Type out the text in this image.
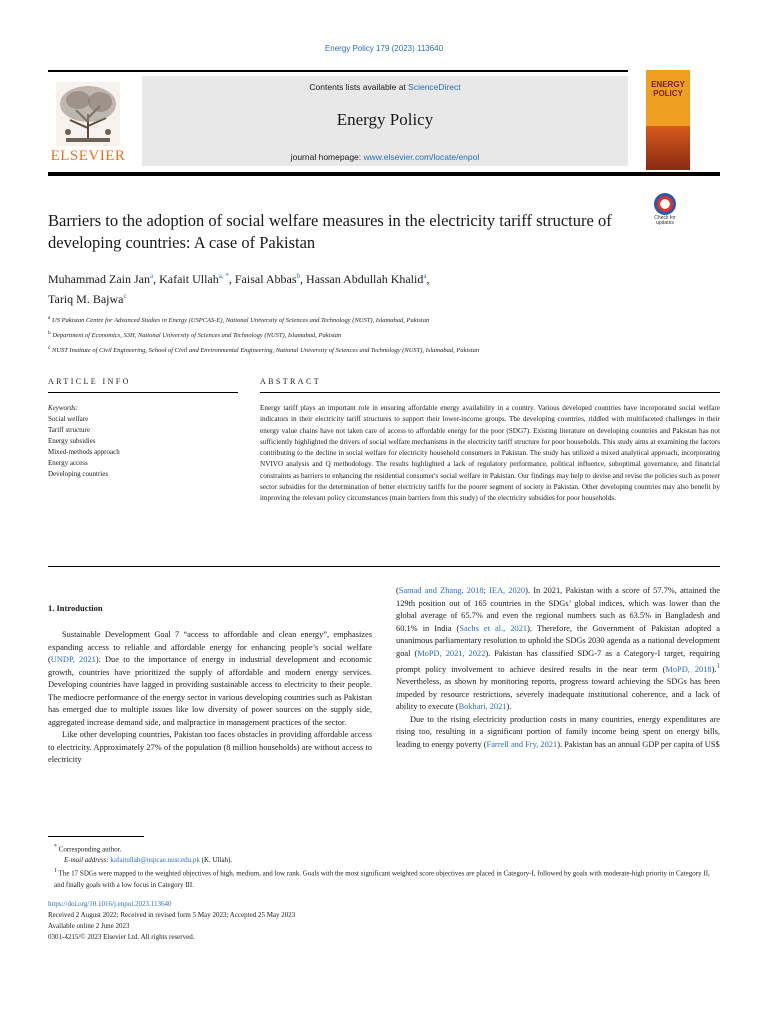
Energy Policy 179 (2023) 113640
ELSEVIER
Contents lists available at ScienceDirect
Energy Policy
journal homepage: www.elsevier.com/locate/enpol
ENERGY POLICY
Barriers to the adoption of social welfare measures in the electricity tariff structure of developing countries: A case of Pakistan
Check for updates
Muhammad Zain Jan$^a$, Kafait Ullah$^{a, *}$, Faisal Abbas$^b$, Hassan Abdullah Khalid$^a$,
Tariq M. Bajwa$^c$
$^a$ US Pakistan Centre for Advanced Studies in Energy (USPCAS-E), National University of Sciences and Technology (NUST), Islamabad, Pakistan
$^b$ Department of Economics, S3H, National University of Sciences and Technology (NUST), Islamabad, Pakistan
$^c$ NUST Institute of Civil Engineering, School of Civil and Environmental Engineering, National University of Sciences and Technology (NUST), Islamabad, Pakistan
ARTICLE INFO	ABSTRACT
Keywords:
Social welfare
Tariff structure
Energy subsidies
Mixed-methods approach
Energy access
Developing countries
Energy tariff plays an important role in ensuring affordable energy availability in a country. Various developed countries have incorporated social welfare indicators in their electricity tariff structures to support their lower-income groups. The developing countries, riddled with multifaceted challenges in their energy value chains have not taken care of access to affordable energy for the poor (SDG7). Existing literature on developing countries and Pakistan has not sufficiently highlighted the drivers of social welfare mechanisms in the electricity tariff structure for poor households. This study aims at examining the factors contributing to the decline in social welfare for electricity household consumers in Pakistan. The study has utilized a mixed analytical approach, incorporating NVIVO analysis and Q methodology. The results highlighted a lack of regulatory performance, political influence, suboptimal governance, and financial constraints as barriers to enhancing the residential consumer's social welfare in Pakistan. Our findings may help to devise and revise the policies such as power sector subsidies for the determination of better electricity tariffs for the poorer segment of society in Pakistan. Other developing countries may also benefit by improving the relevant policy circumstances (main barriers from this study) of the electricity subsidies for poor households.
1. Introduction

Sustainable Development Goal 7 “access to affordable and clean energy”, emphasizes expanding access to reliable and affordable energy for enhancing people’s social welfare (UNDP, 2021). Due to the importance of energy in industrial development and economic growth, countries have prioritized the supply of affordable and modern energy services. Developing countries have lagged in providing sustainable access to electricity to their people. The mediocre performance of the energy sector in various developing countries such as Pakistan has emerged due to multiple issues like low diversity of power sources on the supply side, aggregated increase demand side, and malpractice in management practices of the sector.

Like other developing countries, Pakistan too faces obstacles in providing affordable access to electricity. Approximately 27% of the population (8 million households) are without access to electricity

(Samad and Zhang, 2018; IEA, 2020). In 2021, Pakistan with a score of 57.7%, attained the 129th position out of 165 countries in the SDGs’ global indices, which was lower than the global average of 65.7% and even the regional numbers such as 63.5% in Bangladesh and 60.1% in India (Sachs et al., 2021). Therefore, the Government of Pakistan adopted a unanimous parliamentary resolution to uphold the SDGs 2030 agenda as a national development goal (MoPD, 2021, 2022). Pakistan has classified SDG-7 as a Category-I target, requiring prompt policy involvement to achieve desired results in the near term (MoPD, 2018).$^1$ Nevertheless, as shown by monitoring reports, progress toward achieving the SDGs has been impeded by resource restrictions, severely inadequate institutional coherence, and a lack of ability to execute (Bokhari, 2021).

Due to the rising electricity production costs in many countries, energy expenditures are rising too, resulting in a significant portion of family income being spent on energy bills, leading to energy poverty (Farrell and Fry, 2021). Pakistan has an annual GDP per capita of US$

* Corresponding author.
E-mail address: kafaitullah@uspcae.nust.edu.pk (K. Ullah).
$^1$ The 17 SDGs were mapped to the weighted objectives of high, medium, and low rank. Goals with the most significant weighted score objectives are placed in Category-I, followed by goals with moderate-high priority in Category II, and finally goals with a low focus in Category III.
https://doi.org/10.1016/j.enpol.2023.113640
Received 2 August 2022; Received in revised form 5 May 2023; Accepted 25 May 2023
Available online 2 June 2023
0301-4215/© 2023 Elsevier Ltd. All rights reserved.
